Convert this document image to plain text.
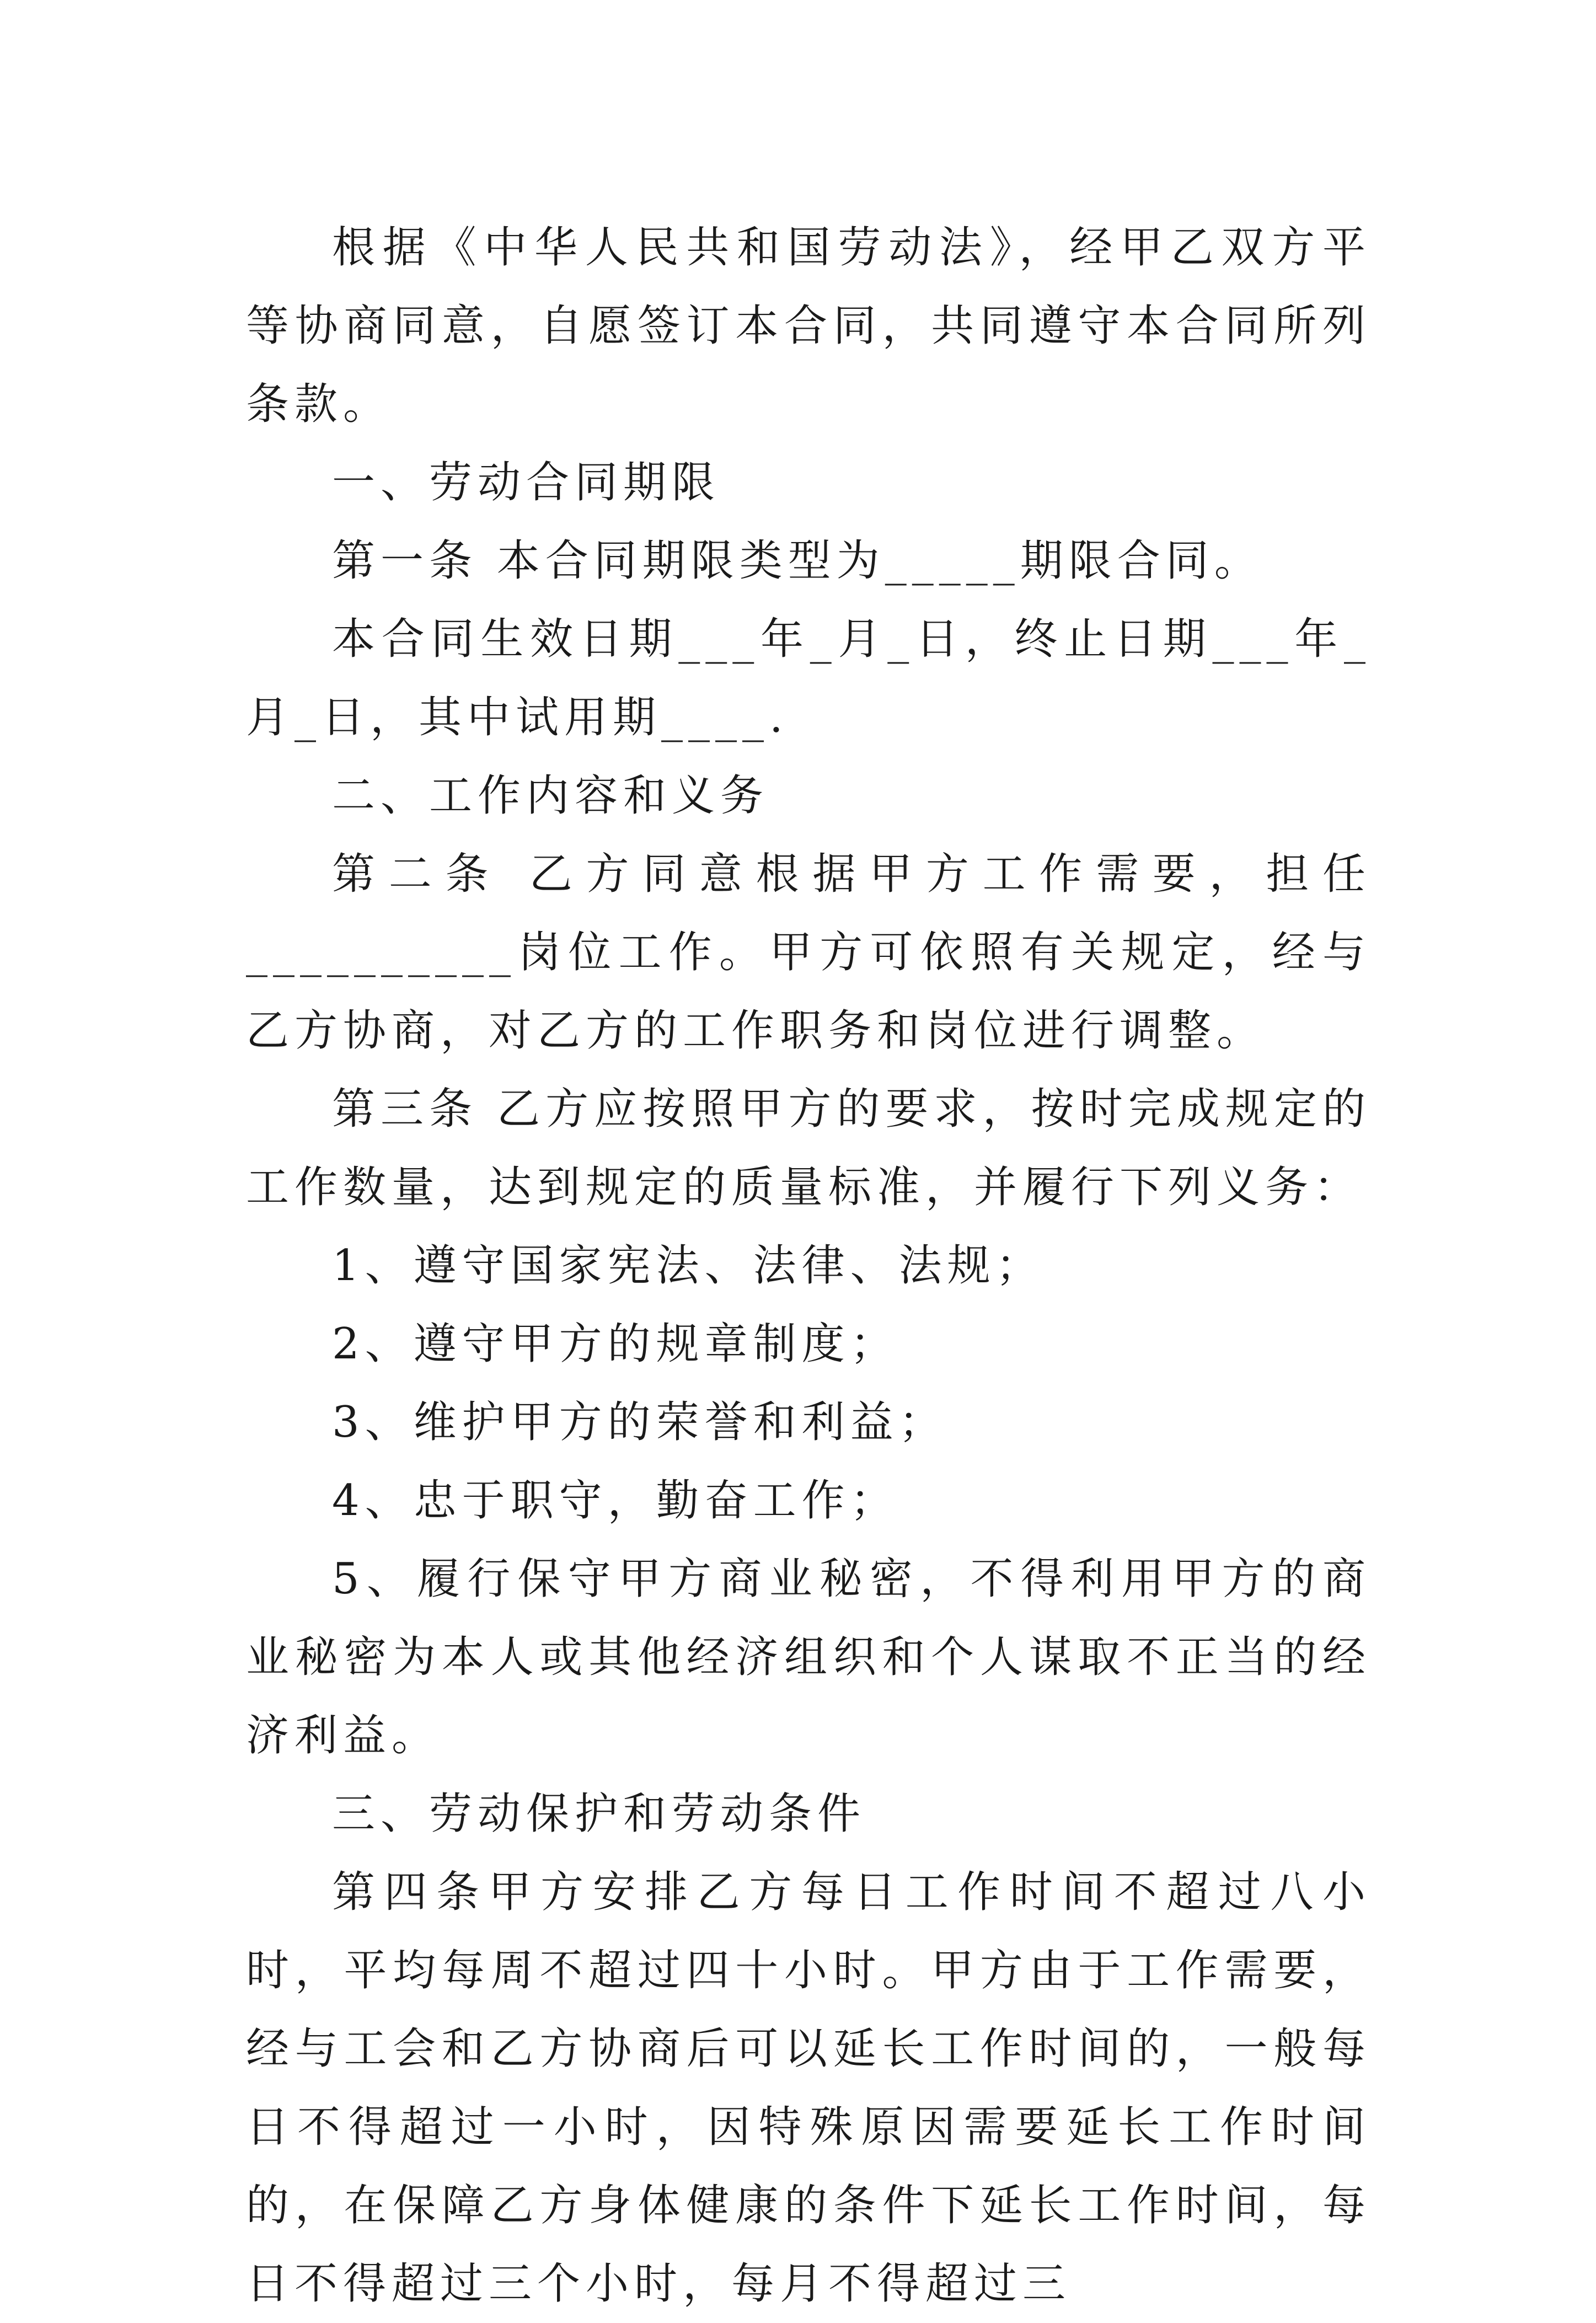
根据《中华人民共和国劳动法》，经甲乙双方平等协商同意，自愿签订本合同，共同遵守本合同所列条款。

一、劳动合同期限

第一条 本合同期限类型为_____期限合同。

本合同生效日期___年_月_日，终止日期___年_月_日，其中试用期____.

二、工作内容和义务

第二条 乙方同意根据甲方工作需要，担任__________岗位工作。甲方可依照有关规定，经与乙方协商，对乙方的工作职务和岗位进行调整。

第三条 乙方应按照甲方的要求，按时完成规定的工作数量，达到规定的质量标准，并履行下列义务：

1、遵守国家宪法、法律、法规；

2、遵守甲方的规章制度；

3、维护甲方的荣誉和利益；

4、忠于职守，勤奋工作；

5、履行保守甲方商业秘密，不得利用甲方的商业秘密为本人或其他经济组织和个人谋取不正当的经济利益。

三、劳动保护和劳动条件

第四条甲方安排乙方每日工作时间不超过八小时，平均每周不超过四十小时。甲方由于工作需要，经与工会和乙方协商后可以延长工作时间的，一般每日不得超过一小时，因特殊原因需要延长工作时间的，在保障乙方身体健康的条件下延长工作时间，每日不得超过三个小时，每月不得超过三
